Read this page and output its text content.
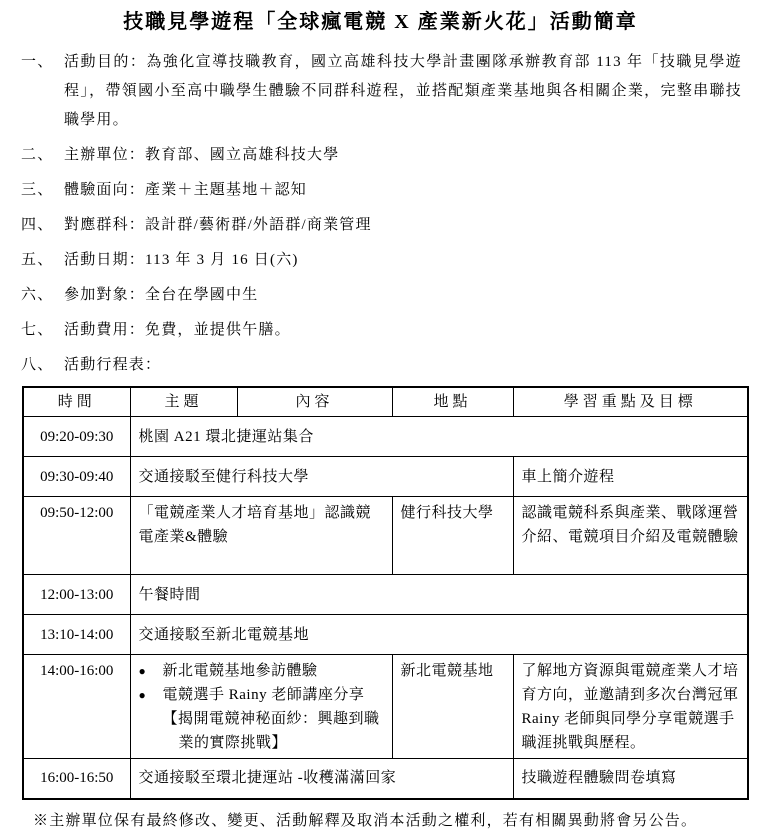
技職見學遊程「全球瘋電競 X 產業新火花」活動簡章
一、 活動目的：為強化宣導技職教育，國立高雄科技大學計畫團隊承辦教育部 113 年「技職見學遊程」，帶領國小至高中職學生體驗不同群科遊程，並搭配類產業基地與各相關企業，完整串聯技職學用。
二、 主辦單位：教育部、國立高雄科技大學
三、 體驗面向：產業＋主題基地＋認知
四、 對應群科：設計群/藝術群/外語群/商業管理
五、 活動日期：113 年 3 月 16 日(六)
六、 參加對象：全台在學國中生
七、 活動費用：免費，並提供午膳。
八、 活動行程表：
時間	主題	內容	地點	學習重點及目標
09:20-09:30	桃園 A21 環北捷運站集合			
09:30-09:40	交通接駁至健行科技大學			車上簡介遊程
09:50-12:00	「電競產業人才培育基地」認識競電產業&體驗		健行科技大學	認識電競科系與產業、戰隊運營介紹、電競項目介紹及電競體驗
12:00-13:00	午餐時間			
13:10-14:00	交通接駁至新北電競基地			
14:00-16:00	● 新北電競基地參訪體驗
● 電競選手 Rainy 老師講座分享
【揭開電競神秘面紗：興趣到職業的實際挑戰】		新北電競基地	了解地方資源與電競產業人才培育方向，並邀請到多次台灣冠軍 Rainy 老師與同學分享電競選手職涯挑戰與歷程。
16:00-16:50	交通接駁至環北捷運站 -收穫滿滿回家			技職遊程體驗問卷填寫
※主辦單位保有最終修改、變更、活動解釋及取消本活動之權利，若有相關異動將會另公告。
